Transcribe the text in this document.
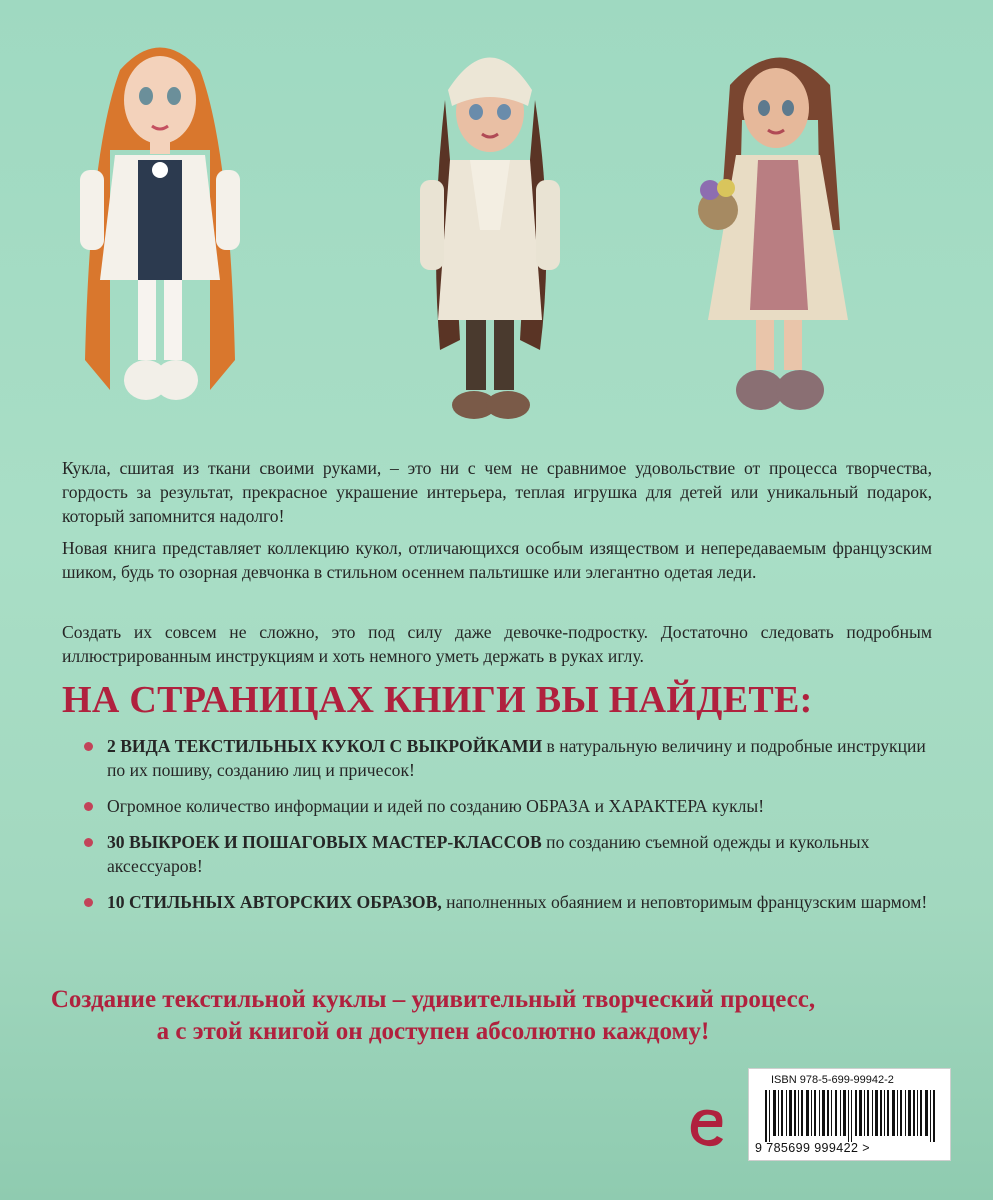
Кукла, сшитая из ткани своими руками, – это ни с чем не сравнимое удовольствие от процесса творчества, гордость за результат, прекрасное украшение интерьера, теплая игрушка для детей или уникальный подарок, который запомнится надолго!

Новая книга представляет коллекцию кукол, отличающихся особым изяществом и непередаваемым французским шиком, будь то озорная девчонка в стильном осеннем пальтишке или элегантно одетая леди.

Создать их совсем не сложно, это под силу даже девочке-подростку. Достаточно следовать подробным иллюстрированным инструкциям и хоть немного уметь держать в руках иглу.

НА СТРАНИЦАХ КНИГИ ВЫ НАЙДЕТЕ:
2 ВИДА ТЕКСТИЛЬНЫХ КУКОЛ С ВЫКРОЙКАМИ в натуральную величину и подробные инструкции по их пошиву, созданию лиц и причесок!
Огромное количество информации и идей по созданию ОБРАЗА и ХАРАКТЕРА куклы!
30 ВЫКРОЕК И ПОШАГОВЫХ МАСТЕР-КЛАССОВ по созданию съемной одежды и кукольных аксессуаров!
10 СТИЛЬНЫХ АВТОРСКИХ ОБРАЗОВ, наполненных обаянием и неповторимым французским шармом!

Создание текстильной куклы – удивительный творческий процесс, а с этой книгой он доступен абсолютно каждому!

ISBN 978-5-699-99942-2
9 785699 999422 >
